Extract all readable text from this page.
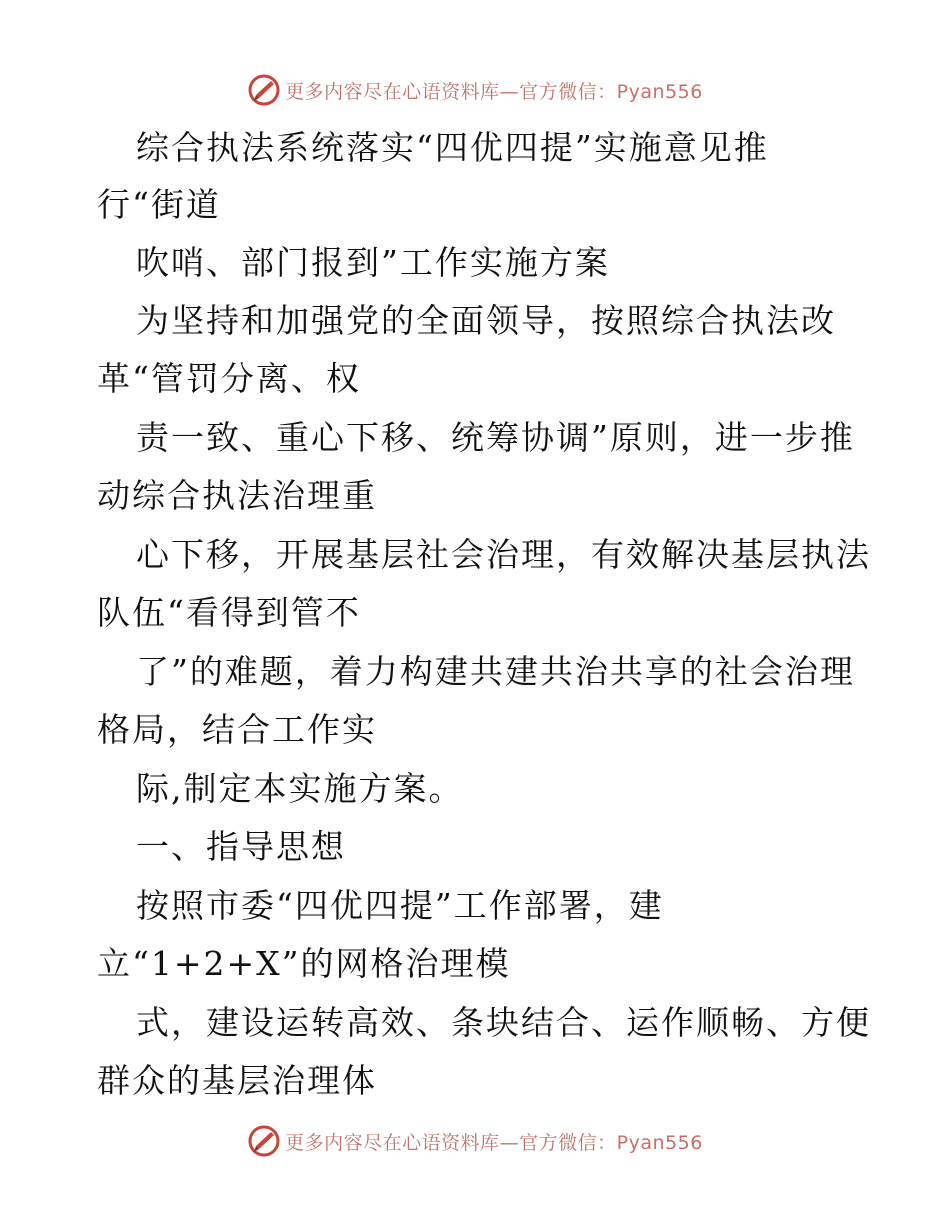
更多内容尽在心语资料库—官方微信：Pyan556
综合执法系统落实“四优四提”实施意见推
行“街道
吹哨、部门报到”工作实施方案
为坚持和加强党的全面领导，按照综合执法改
革“管罚分离、权
责一致、重心下移、统筹协调”原则，进一步推
动综合执法治理重
心下移，开展基层社会治理，有效解决基层执法
队伍“看得到管不
了”的难题，着力构建共建共治共享的社会治理
格局，结合工作实
际,制定本实施方案。
一、指导思想
按照市委“四优四提”工作部署，建
立“1+2+X”的网格治理模
式，建设运转高效、条块结合、运作顺畅、方便
群众的基层治理体
更多内容尽在心语资料库—官方微信：Pyan556
